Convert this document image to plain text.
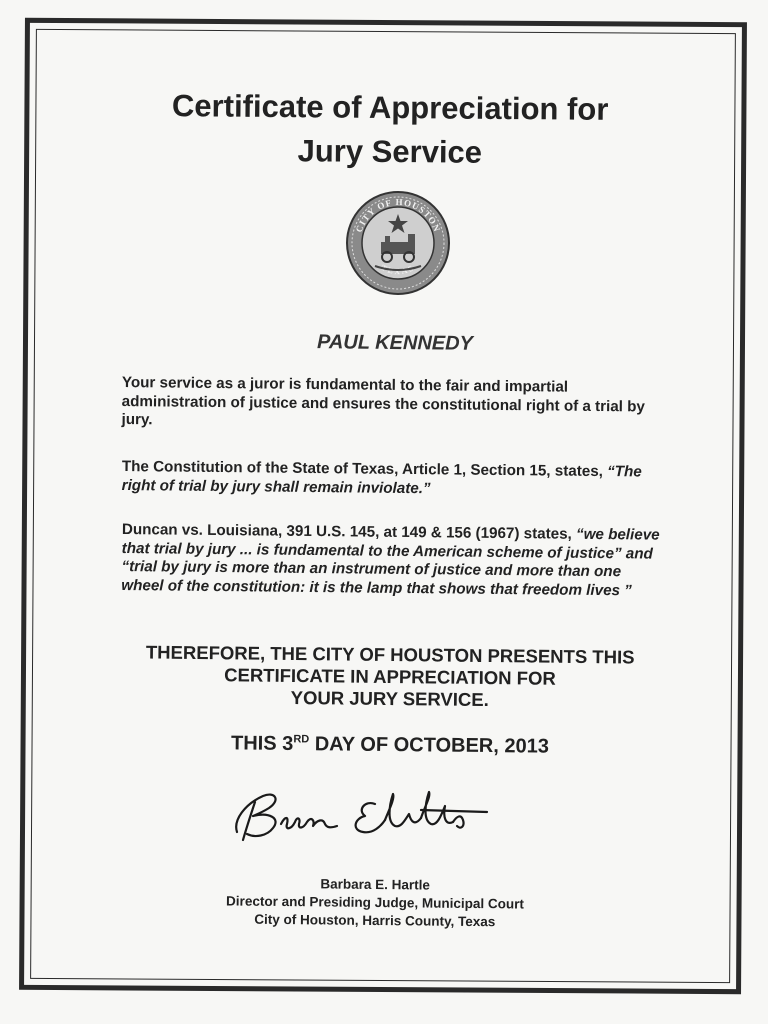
Certificate of Appreciation for
Jury Service
CITY OF HOUSTON
TEXAS
PAUL KENNEDY
Your service as a juror is fundamental to the fair and impartial administration of justice and ensures the constitutional right of a trial by jury.
The Constitution of the State of Texas, Article 1, Section 15, states, “The right of trial by jury shall remain inviolate.”
Duncan vs. Louisiana, 391 U.S. 145, at 149 & 156 (1967) states, “we believe that trial by jury ... is fundamental to the American scheme of justice” and “trial by jury is more than an instrument of justice and more than one wheel of the constitution: it is the lamp that shows that freedom lives ”
THEREFORE, THE CITY OF HOUSTON PRESENTS THIS
CERTIFICATE IN APPRECIATION FOR
YOUR JURY SERVICE.
THIS 3RD DAY OF OCTOBER, 2013
Barbara E. Hartle
Director and Presiding Judge, Municipal Court
City of Houston, Harris County, Texas
